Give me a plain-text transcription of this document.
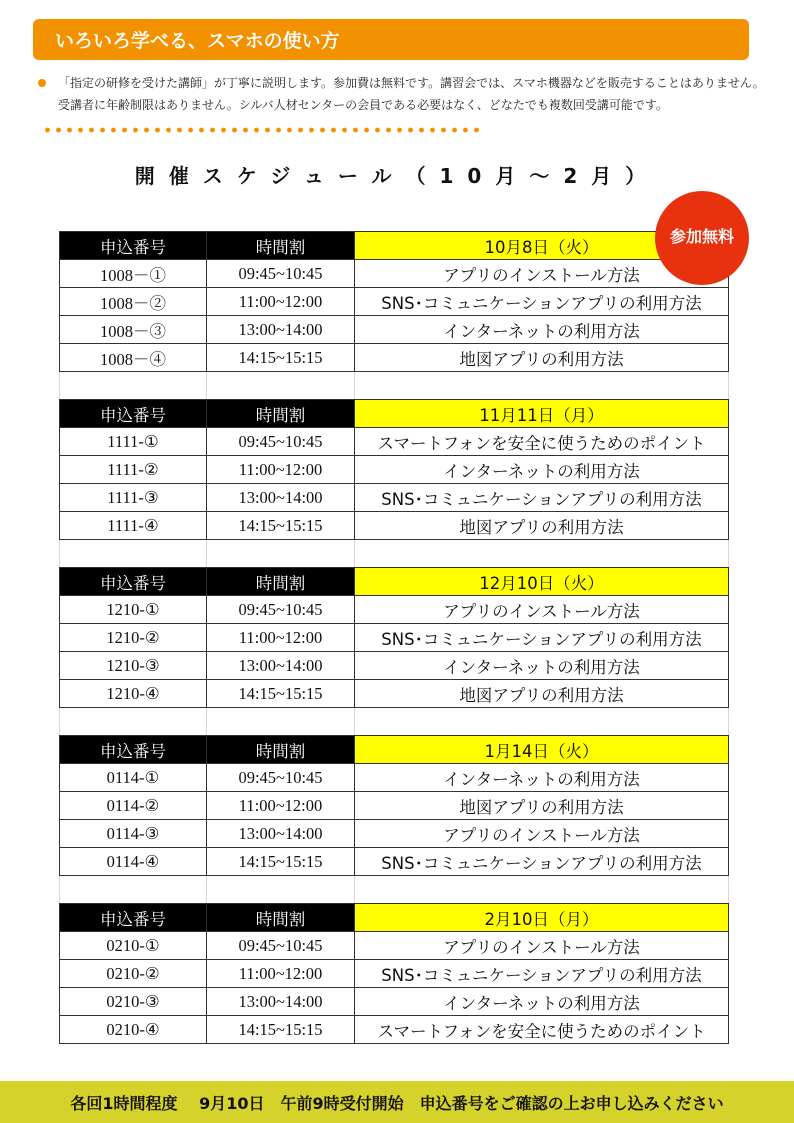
いろいろ学べる、スマホの使い方
「指定の研修を受けた講師」が丁寧に説明します。参加費は無料です。講習会では、スマホ機器などを販売することはありません。
受講者に年齢制限はありません。シルバ人材センターの会員である必要はなく、どなたでも複数回受講可能です。
開催スケジュール（10月～2月）
参加無料
申込番号	時間割	10月8日（火）
1008－①	09:45~10:45	アプリのインストール方法
1008－②	11:00~12:00	SNS･コミュニケーションアプリの利用方法
1008－③	13:00~14:00	インターネットの利用方法
1008－④	14:15~15:15	地図アプリの利用方法

申込番号	時間割	11月11日（月）
1111-①	09:45~10:45	スマートフォンを安全に使うためのポイント
1111-②	11:00~12:00	インターネットの利用方法
1111-③	13:00~14:00	SNS･コミュニケーションアプリの利用方法
1111-④	14:15~15:15	地図アプリの利用方法

申込番号	時間割	12月10日（火）
1210-①	09:45~10:45	アプリのインストール方法
1210-②	11:00~12:00	SNS･コミュニケーションアプリの利用方法
1210-③	13:00~14:00	インターネットの利用方法
1210-④	14:15~15:15	地図アプリの利用方法

申込番号	時間割	1月14日（火）
0114-①	09:45~10:45	インターネットの利用方法
0114-②	11:00~12:00	地図アプリの利用方法
0114-③	13:00~14:00	アプリのインストール方法
0114-④	14:15~15:15	SNS･コミュニケーションアプリの利用方法

申込番号	時間割	2月10日（月）
0210-①	09:45~10:45	アプリのインストール方法
0210-②	11:00~12:00	SNS･コミュニケーションアプリの利用方法
0210-③	13:00~14:00	インターネットの利用方法
0210-④	14:15~15:15	スマートフォンを安全に使うためのポイント
各回1時間程度　 9月10日　午前9時受付開始　申込番号をご確認の上お申し込みください
